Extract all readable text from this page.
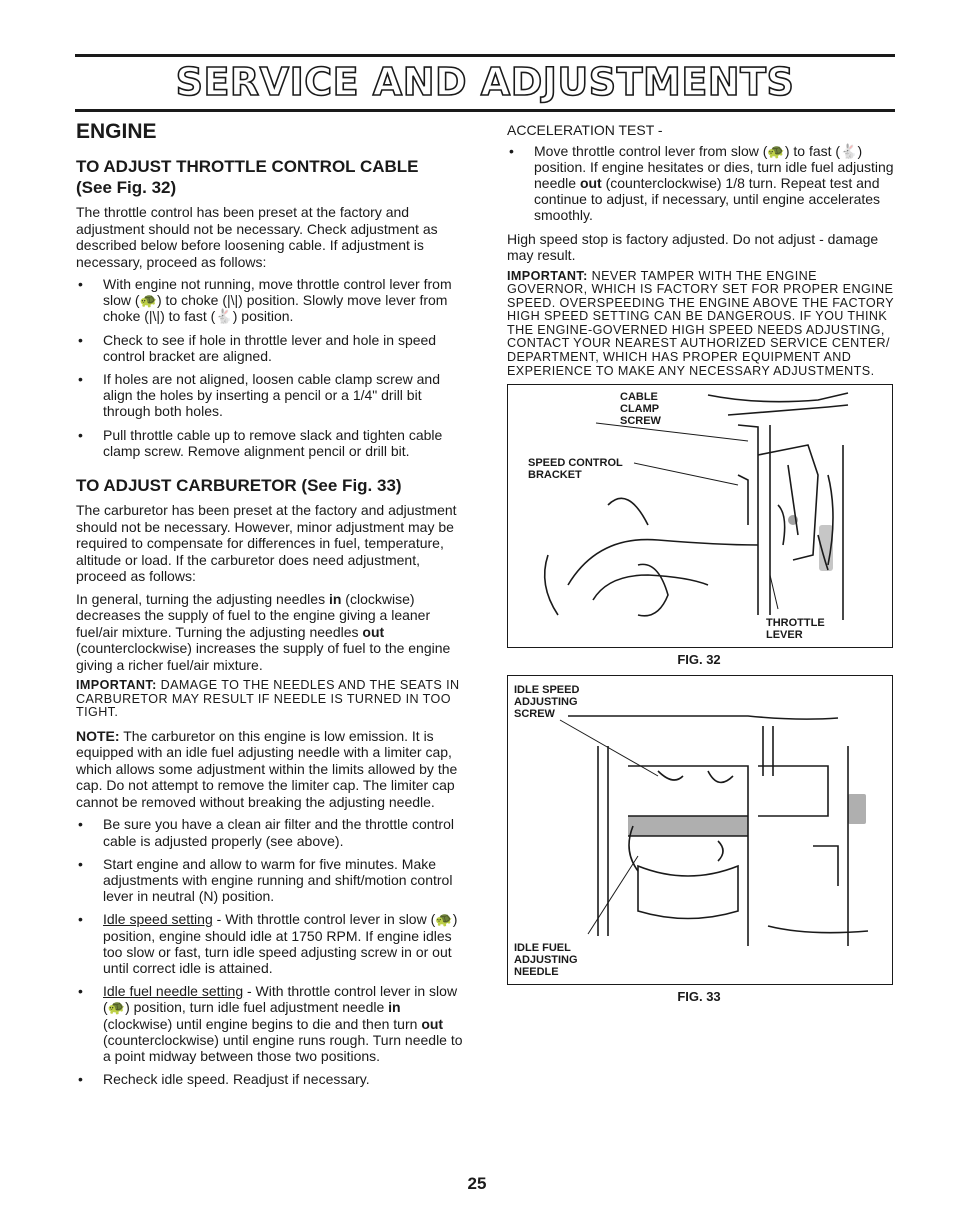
SERVICE AND ADJUSTMENTS
ENGINE
TO ADJUST THROTTLE CONTROL CABLE
(See Fig. 32)

The throttle control has been preset at the factory and adjustment should not be necessary. Check adjustment as described below before loosening cable. If adjustment is necessary, proceed as follows:

• With engine not running, move throttle control lever from slow (🐢) to choke (|\|) position. Slowly move lever from choke (|\|) to fast (🐇) position.
• Check to see if hole in throttle lever and hole in speed control bracket are aligned.
• If holes are not aligned, loosen cable clamp screw and align the holes by inserting a pencil or a 1/4" drill bit through both holes.
• Pull throttle cable up to remove slack and tighten cable clamp screw. Remove alignment pencil or drill bit.
TO ADJUST CARBURETOR (See Fig. 33)

The carburetor has been preset at the factory and adjustment should not be necessary. However, minor adjustment may be required to compensate for differences in fuel, temperature, altitude or load. If the carburetor does need adjustment, proceed as follows:

In general, turning the adjusting needles in (clockwise) decreases the supply of fuel to the engine giving a leaner fuel/air mixture. Turning the adjusting needles out (counterclockwise) increases the supply of fuel to the engine giving a richer fuel/air mixture.

IMPORTANT: DAMAGE TO THE NEEDLES AND THE SEATS IN CARBURETOR MAY RESULT IF NEEDLE IS TURNED IN TOO TIGHT.

NOTE: The carburetor on this engine is low emission. It is equipped with an idle fuel adjusting needle with a limiter cap, which allows some adjustment within the limits allowed by the cap. Do not attempt to remove the limiter cap. The limiter cap cannot be removed without breaking the adjusting needle.

• Be sure you have a clean air filter and the throttle control cable is adjusted properly (see above).
• Start engine and allow to warm for five minutes. Make adjustments with engine running and shift/motion control lever in neutral (N) position.
• Idle speed setting - With throttle control lever in slow (🐢) position, engine should idle at 1750 RPM. If engine idles too slow or fast, turn idle speed adjusting screw in or out until correct idle is attained.
• Idle fuel needle setting - With throttle control lever in slow (🐢) position, turn idle fuel adjustment needle in (clockwise) until engine begins to die and then turn out (counterclockwise) until engine runs rough. Turn needle to a point midway between those two positions.
• Recheck idle speed. Readjust if necessary.

ACCELERATION TEST -

• Move throttle control lever from slow (🐢) to fast (🐇) position. If engine hesitates or dies, turn idle fuel adjusting needle out (counterclockwise) 1/8 turn. Repeat test and continue to adjust, if necessary, until engine accelerates smoothly.

High speed stop is factory adjusted. Do not adjust - damage may result.

IMPORTANT: NEVER TAMPER WITH THE ENGINE GOVERNOR, WHICH IS FACTORY SET FOR PROPER ENGINE SPEED. OVERSPEEDING THE ENGINE ABOVE THE FACTORY HIGH SPEED SETTING CAN BE DANGEROUS. IF YOU THINK THE ENGINE-GOVERNED HIGH SPEED NEEDS ADJUSTING, CONTACT YOUR NEAREST AUTHORIZED SERVICE CENTER/ DEPARTMENT, WHICH HAS PROPER EQUIPMENT AND EXPERIENCE TO MAKE ANY NECESSARY ADJUSTMENTS.

CABLE
CLAMP
SCREW
SPEED CONTROL
BRACKET
THROTTLE
LEVER
FIG. 32
IDLE SPEED
ADJUSTING
SCREW
IDLE FUEL
ADJUSTING
NEEDLE
FIG. 33
25
